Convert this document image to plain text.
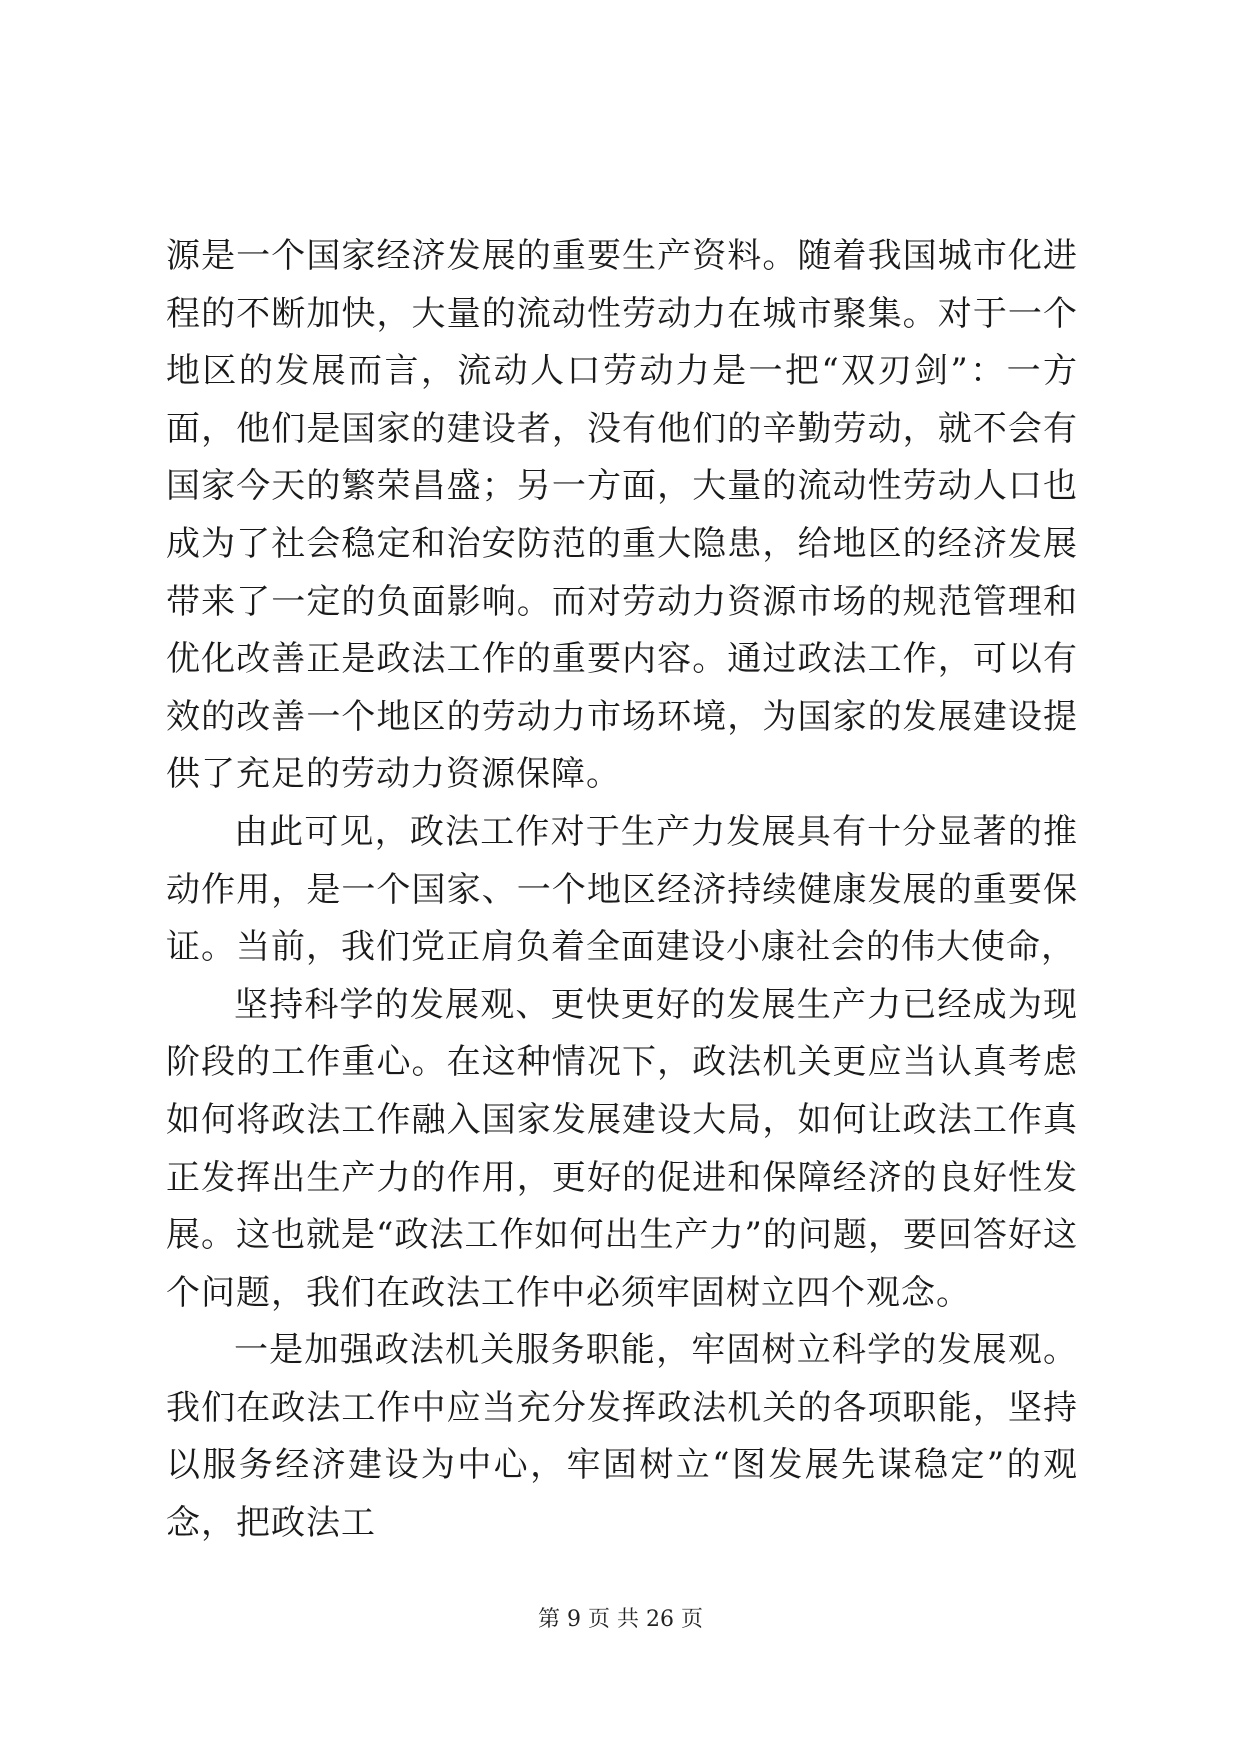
源是一个国家经济发展的重要生产资料。随着我国城市化进程的不断加快，大量的流动性劳动力在城市聚集。对于一个地区的发展而言，流动人口劳动力是一把“双刃剑”：一方面，他们是国家的建设者，没有他们的辛勤劳动，就不会有国家今天的繁荣昌盛；另一方面，大量的流动性劳动人口也成为了社会稳定和治安防范的重大隐患，给地区的经济发展带来了一定的负面影响。而对劳动力资源市场的规范管理和优化改善正是政法工作的重要内容。通过政法工作，可以有效的改善一个地区的劳动力市场环境，为国家的发展建设提供了充足的劳动力资源保障。

由此可见，政法工作对于生产力发展具有十分显著的推动作用，是一个国家、一个地区经济持续健康发展的重要保证。当前，我们党正肩负着全面建设小康社会的伟大使命，

坚持科学的发展观、更快更好的发展生产力已经成为现阶段的工作重心。在这种情况下，政法机关更应当认真考虑如何将政法工作融入国家发展建设大局，如何让政法工作真正发挥出生产力的作用，更好的促进和保障经济的良好性发展。这也就是“政法工作如何出生产力”的问题，要回答好这个问题，我们在政法工作中必须牢固树立四个观念。

一是加强政法机关服务职能，牢固树立科学的发展观。我们在政法工作中应当充分发挥政法机关的各项职能，坚持以服务经济建设为中心，牢固树立“图发展先谋稳定”的观念，把政法工

第 9 页 共 26 页
